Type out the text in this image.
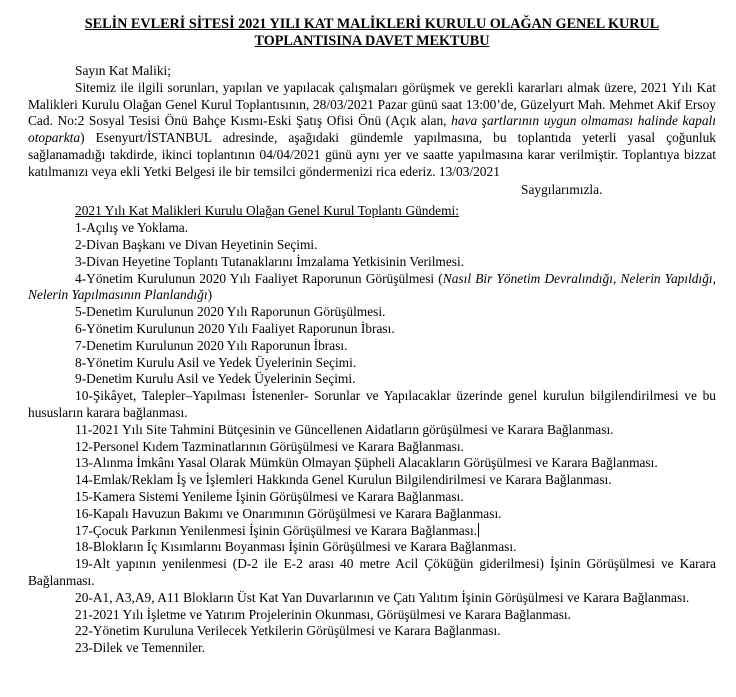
SELİN EVLERİ SİTESİ 2021 YILI KAT MALİKLERİ KURULU OLAĞAN GENEL KURUL
TOPLANTISINA DAVET MEKTUBU

Sayın Kat Maliki;

Sitemiz ile ilgili sorunları, yapılan ve yapılacak çalışmaları görüşmek ve gerekli kararları almak üzere, 2021 Yılı Kat Malikleri Kurulu Olağan Genel Kurul Toplantısının, 28/03/2021 Pazar günü saat 13:00’de, Güzelyurt Mah. Mehmet Akif Ersoy Cad. No:2 Sosyal Tesisi Önü Bahçe Kısmı-Eski Şatış Ofisi Önü (Açık alan, hava şartlarının uygun olmaması halinde kapalı otoparkta) Esenyurt/İSTANBUL adresinde, aşağıdaki gündemle yapılmasına, bu toplantıda yeterli yasal çoğunluk sağlanamadığı takdirde, ikinci toplantının 04/04/2021 günü aynı yer ve saatte yapılmasına karar verilmiştir. Toplantıya bizzat katılmanızı veya ekli Yetki Belgesi ile bir temsilci göndermenizi rica ederiz. 13/03/2021

Saygılarımızla.

2021 Yılı Kat Malikleri Kurulu Olağan Genel Kurul Toplantı Gündemi:

1-Açılış ve Yoklama.
2-Divan Başkanı ve Divan Heyetinin Seçimi.
3-Divan Heyetine Toplantı Tutanaklarını İmzalama Yetkisinin Verilmesi.
4-Yönetim Kurulunun 2020 Yılı Faaliyet Raporunun Görüşülmesi (Nasıl Bir Yönetim Devralındığı, Nelerin Yapıldığı, Nelerin Yapılmasının Planlandığı)
5-Denetim Kurulunun 2020 Yılı Raporunun Görüşülmesi.
6-Yönetim Kurulunun 2020 Yılı Faaliyet Raporunun İbrası.
7-Denetim Kurulunun 2020 Yılı Raporunun İbrası.
8-Yönetim Kurulu Asil ve Yedek Üyelerinin Seçimi.
9-Denetim Kurulu Asil ve Yedek Üyelerinin Seçimi.
10-Şikâyet, Talepler–Yapılması İstenenler- Sorunlar ve Yapılacaklar üzerinde genel kurulun bilgilendirilmesi ve bu hususların karara bağlanması.
11-2021 Yılı Site Tahmini Bütçesinin ve Güncellenen Aidatların görüşülmesi ve Karara Bağlanması.
12-Personel Kıdem Tazminatlarının Görüşülmesi ve Karara Bağlanması.
13-Alınma İmkânı Yasal Olarak Mümkün Olmayan Şüpheli Alacakların Görüşülmesi ve Karara Bağlanması.
14-Emlak/Reklam İş ve İşlemleri Hakkında Genel Kurulun Bilgilendirilmesi ve Karara Bağlanması.
15-Kamera Sistemi Yenileme İşinin Görüşülmesi ve Karara Bağlanması.
16-Kapalı Havuzun Bakımı ve Onarımının Görüşülmesi ve Karara Bağlanması.
17-Çocuk Parkının Yenilenmesi İşinin Görüşülmesi ve Karara Bağlanması.
18-Blokların İç Kısımlarını Boyanması İşinin Görüşülmesi ve Karara Bağlanması.
19-Alt yapının yenilenmesi (D-2 ile E-2 arası 40 metre Acil Çöküğün giderilmesi) İşinin Görüşülmesi ve Karara Bağlanması.
20-A1, A3,A9, A11 Blokların Üst Kat Yan Duvarlarının ve Çatı Yalıtım İşinin Görüşülmesi ve Karara Bağlanması.
21-2021 Yılı İşletme ve Yatırım Projelerinin Okunması, Görüşülmesi ve Karara Bağlanması.
22-Yönetim Kuruluna Verilecek Yetkilerin Görüşülmesi ve Karara Bağlanması.
23-Dilek ve Temenniler.
